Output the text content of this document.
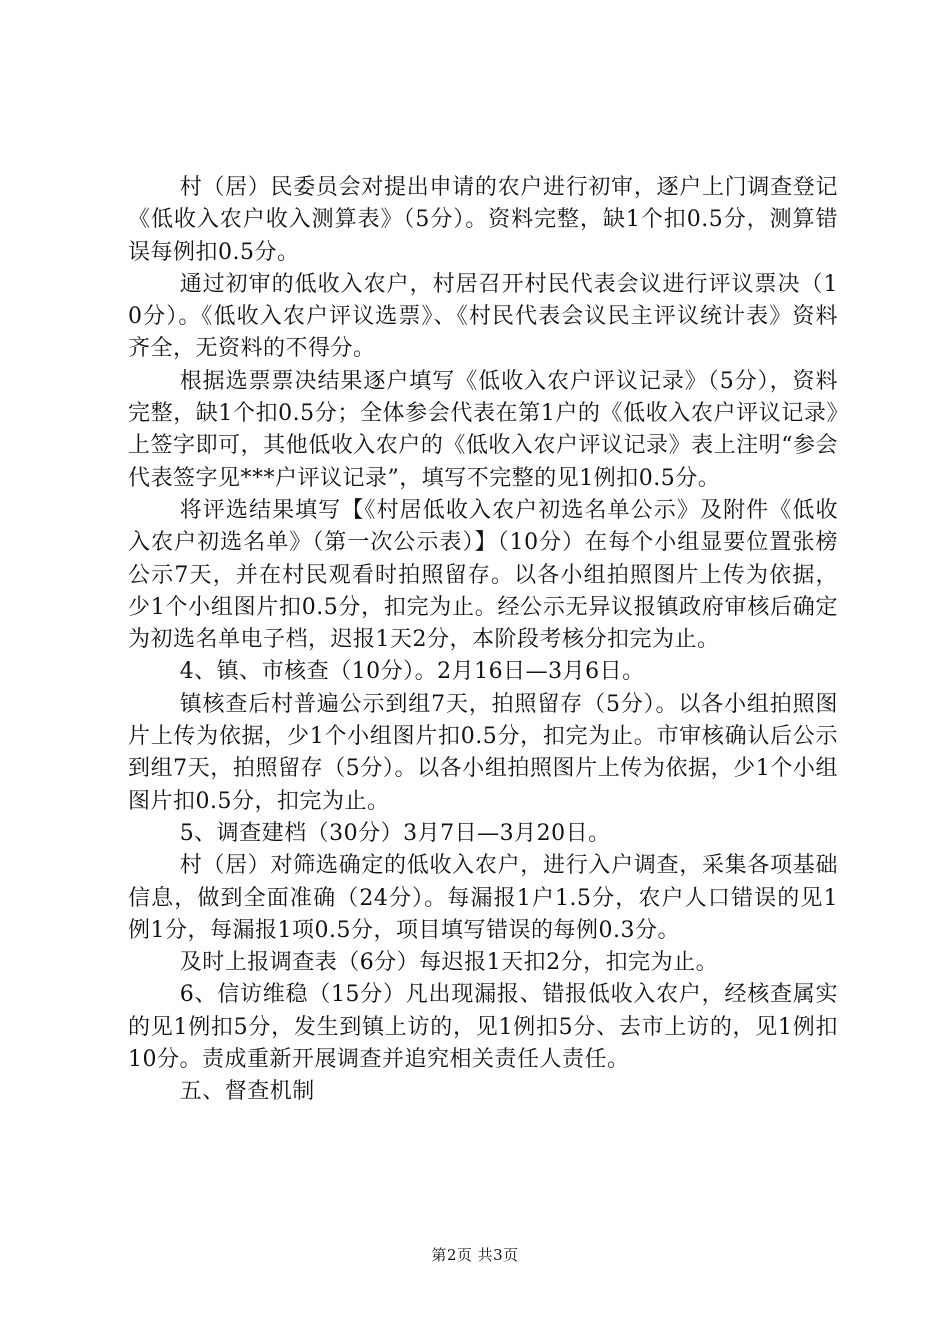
村（居）民委员会对提出申请的农户进行初审，逐户上门调查登记《低收入农户收入测算表》（5分）。资料完整，缺1个扣0.5分，测算错误每例扣0.5分。

通过初审的低收入农户，村居召开村民代表会议进行评议票决（10分）。《低收入农户评议选票》、《村民代表会议民主评议统计表》资料齐全，无资料的不得分。

根据选票票决结果逐户填写《低收入农户评议记录》（5分），资料完整，缺1个扣0.5分；全体参会代表在第1户的《低收入农户评议记录》上签字即可，其他低收入农户的《低收入农户评议记录》表上注明“参会代表签字见***户评议记录”，填写不完整的见1例扣0.5分。

将评选结果填写【《村居低收入农户初选名单公示》及附件《低收入农户初选名单》（第一次公示表）】（10分）在每个小组显要位置张榜公示7天，并在村民观看时拍照留存。以各小组拍照图片上传为依据，少1个小组图片扣0.5分，扣完为止。经公示无异议报镇政府审核后确定为初选名单电子档，迟报1天2分，本阶段考核分扣完为止。

4、镇、市核查（10分）。2月16日—3月6日。

镇核查后村普遍公示到组7天，拍照留存（5分）。以各小组拍照图片上传为依据，少1个小组图片扣0.5分，扣完为止。市审核确认后公示到组7天，拍照留存（5分）。以各小组拍照图片上传为依据，少1个小组图片扣0.5分，扣完为止。

5、调查建档（30分）3月7日—3月20日。

村（居）对筛选确定的低收入农户，进行入户调查，采集各项基础信息，做到全面准确（24分）。每漏报1户1.5分，农户人口错误的见1例1分，每漏报1项0.5分，项目填写错误的每例0.3分。

及时上报调查表（6分）每迟报1天扣2分，扣完为止。

6、信访维稳（15分）凡出现漏报、错报低收入农户，经核查属实的见1例扣5分，发生到镇上访的，见1例扣5分、去市上访的，见1例扣10分。责成重新开展调查并追究相关责任人责任。

五、督查机制

第2页 共3页
